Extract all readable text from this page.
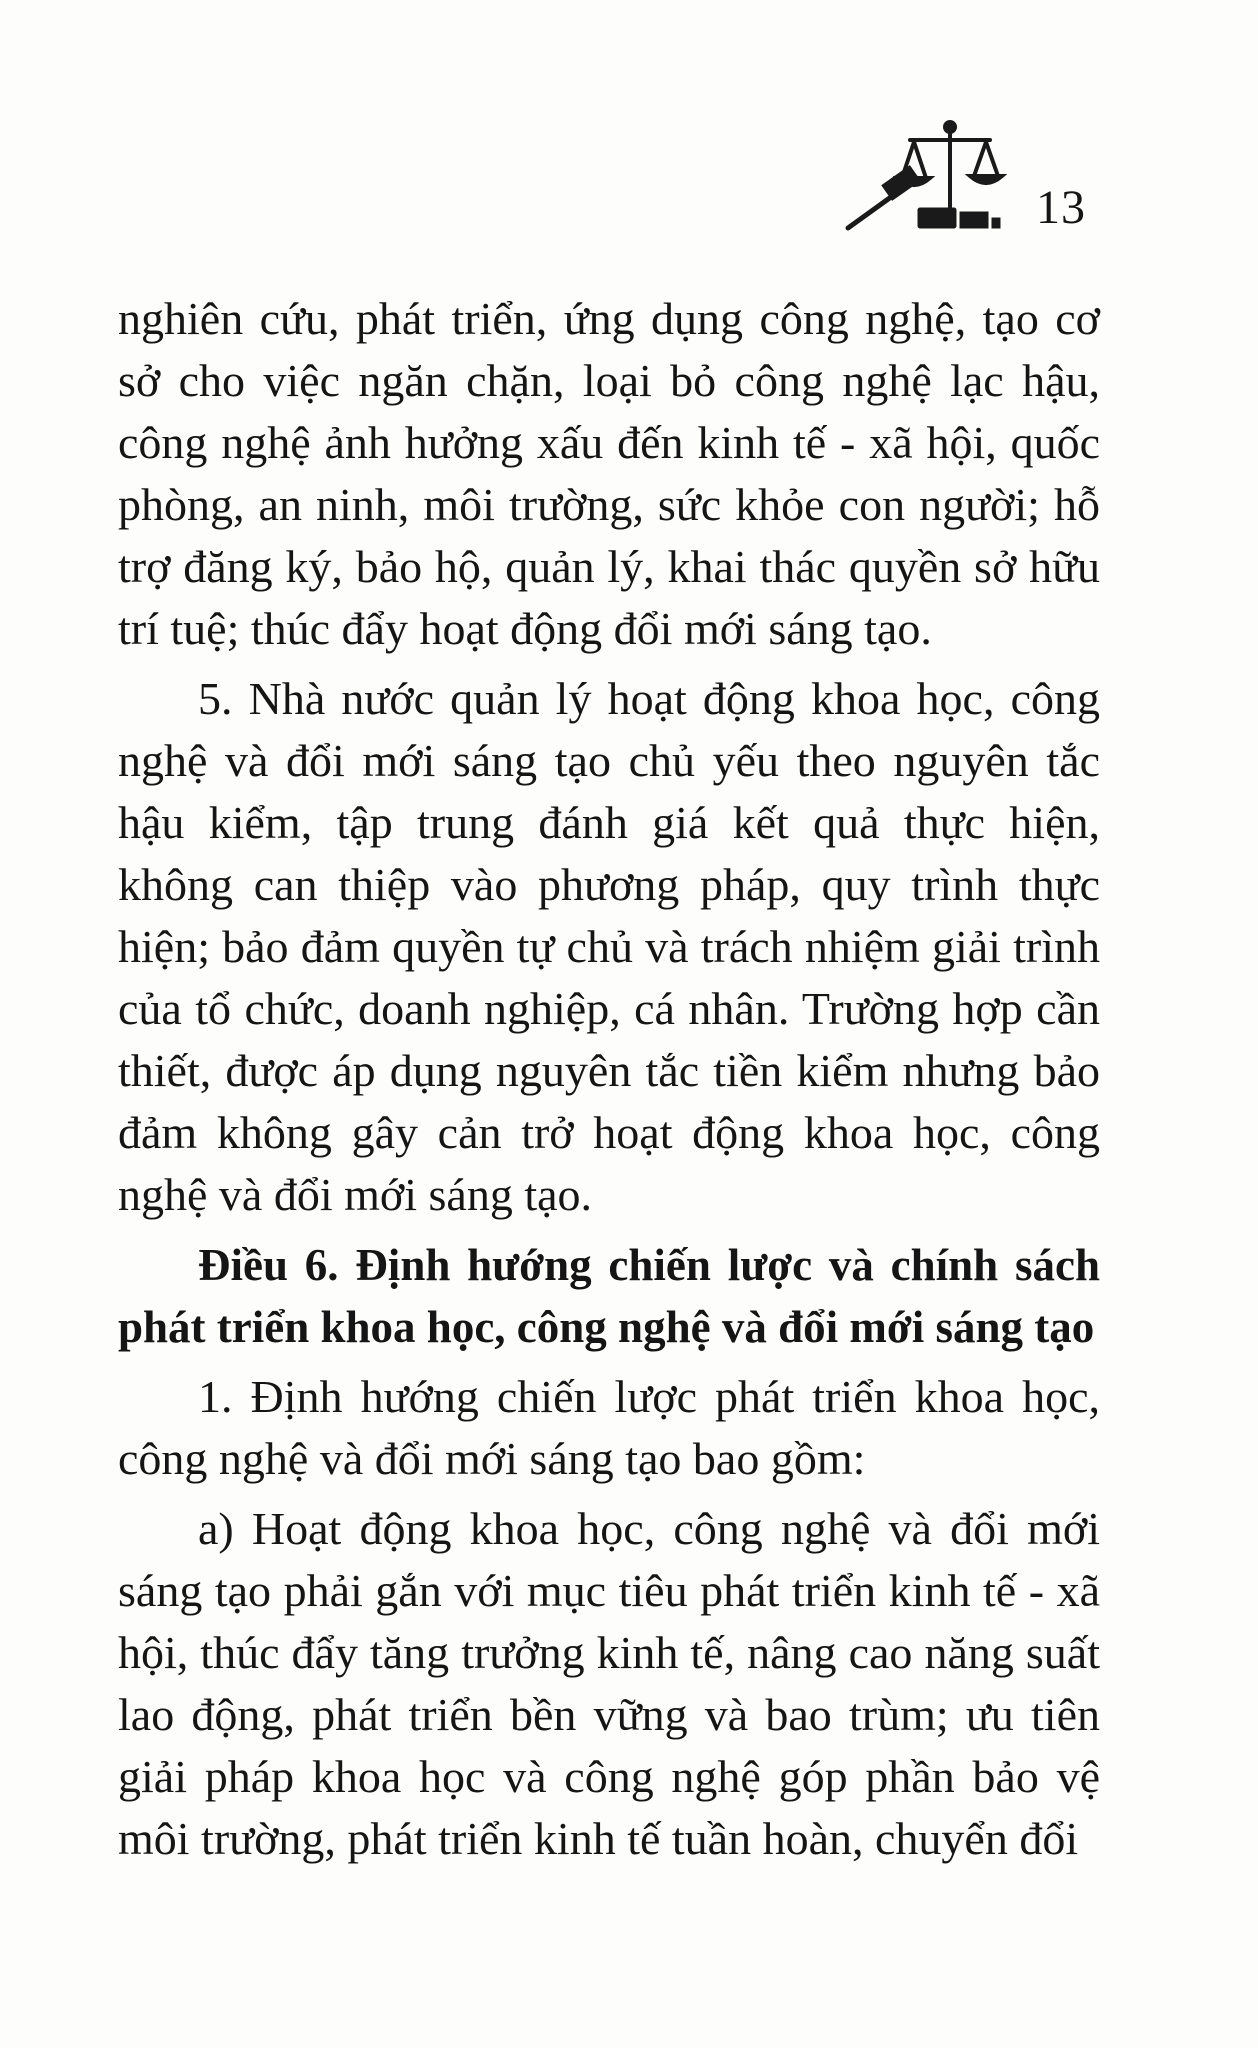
13

nghiên cứu, phát triển, ứng dụng công nghệ, tạo cơ sở cho việc ngăn chặn, loại bỏ công nghệ lạc hậu, công nghệ ảnh hưởng xấu đến kinh tế - xã hội, quốc phòng, an ninh, môi trường, sức khỏe con người; hỗ trợ đăng ký, bảo hộ, quản lý, khai thác quyền sở hữu trí tuệ; thúc đẩy hoạt động đổi mới sáng tạo.

5. Nhà nước quản lý hoạt động khoa học, công nghệ và đổi mới sáng tạo chủ yếu theo nguyên tắc hậu kiểm, tập trung đánh giá kết quả thực hiện, không can thiệp vào phương pháp, quy trình thực hiện; bảo đảm quyền tự chủ và trách nhiệm giải trình của tổ chức, doanh nghiệp, cá nhân. Trường hợp cần thiết, được áp dụng nguyên tắc tiền kiểm nhưng bảo đảm không gây cản trở hoạt động khoa học, công nghệ và đổi mới sáng tạo.

Điều 6. Định hướng chiến lược và chính sách phát triển khoa học, công nghệ và đổi mới sáng tạo

1. Định hướng chiến lược phát triển khoa học, công nghệ và đổi mới sáng tạo bao gồm:

a) Hoạt động khoa học, công nghệ và đổi mới sáng tạo phải gắn với mục tiêu phát triển kinh tế - xã hội, thúc đẩy tăng trưởng kinh tế, nâng cao năng suất lao động, phát triển bền vững và bao trùm; ưu tiên giải pháp khoa học và công nghệ góp phần bảo vệ môi trường, phát triển kinh tế tuần hoàn, chuyển đổi
